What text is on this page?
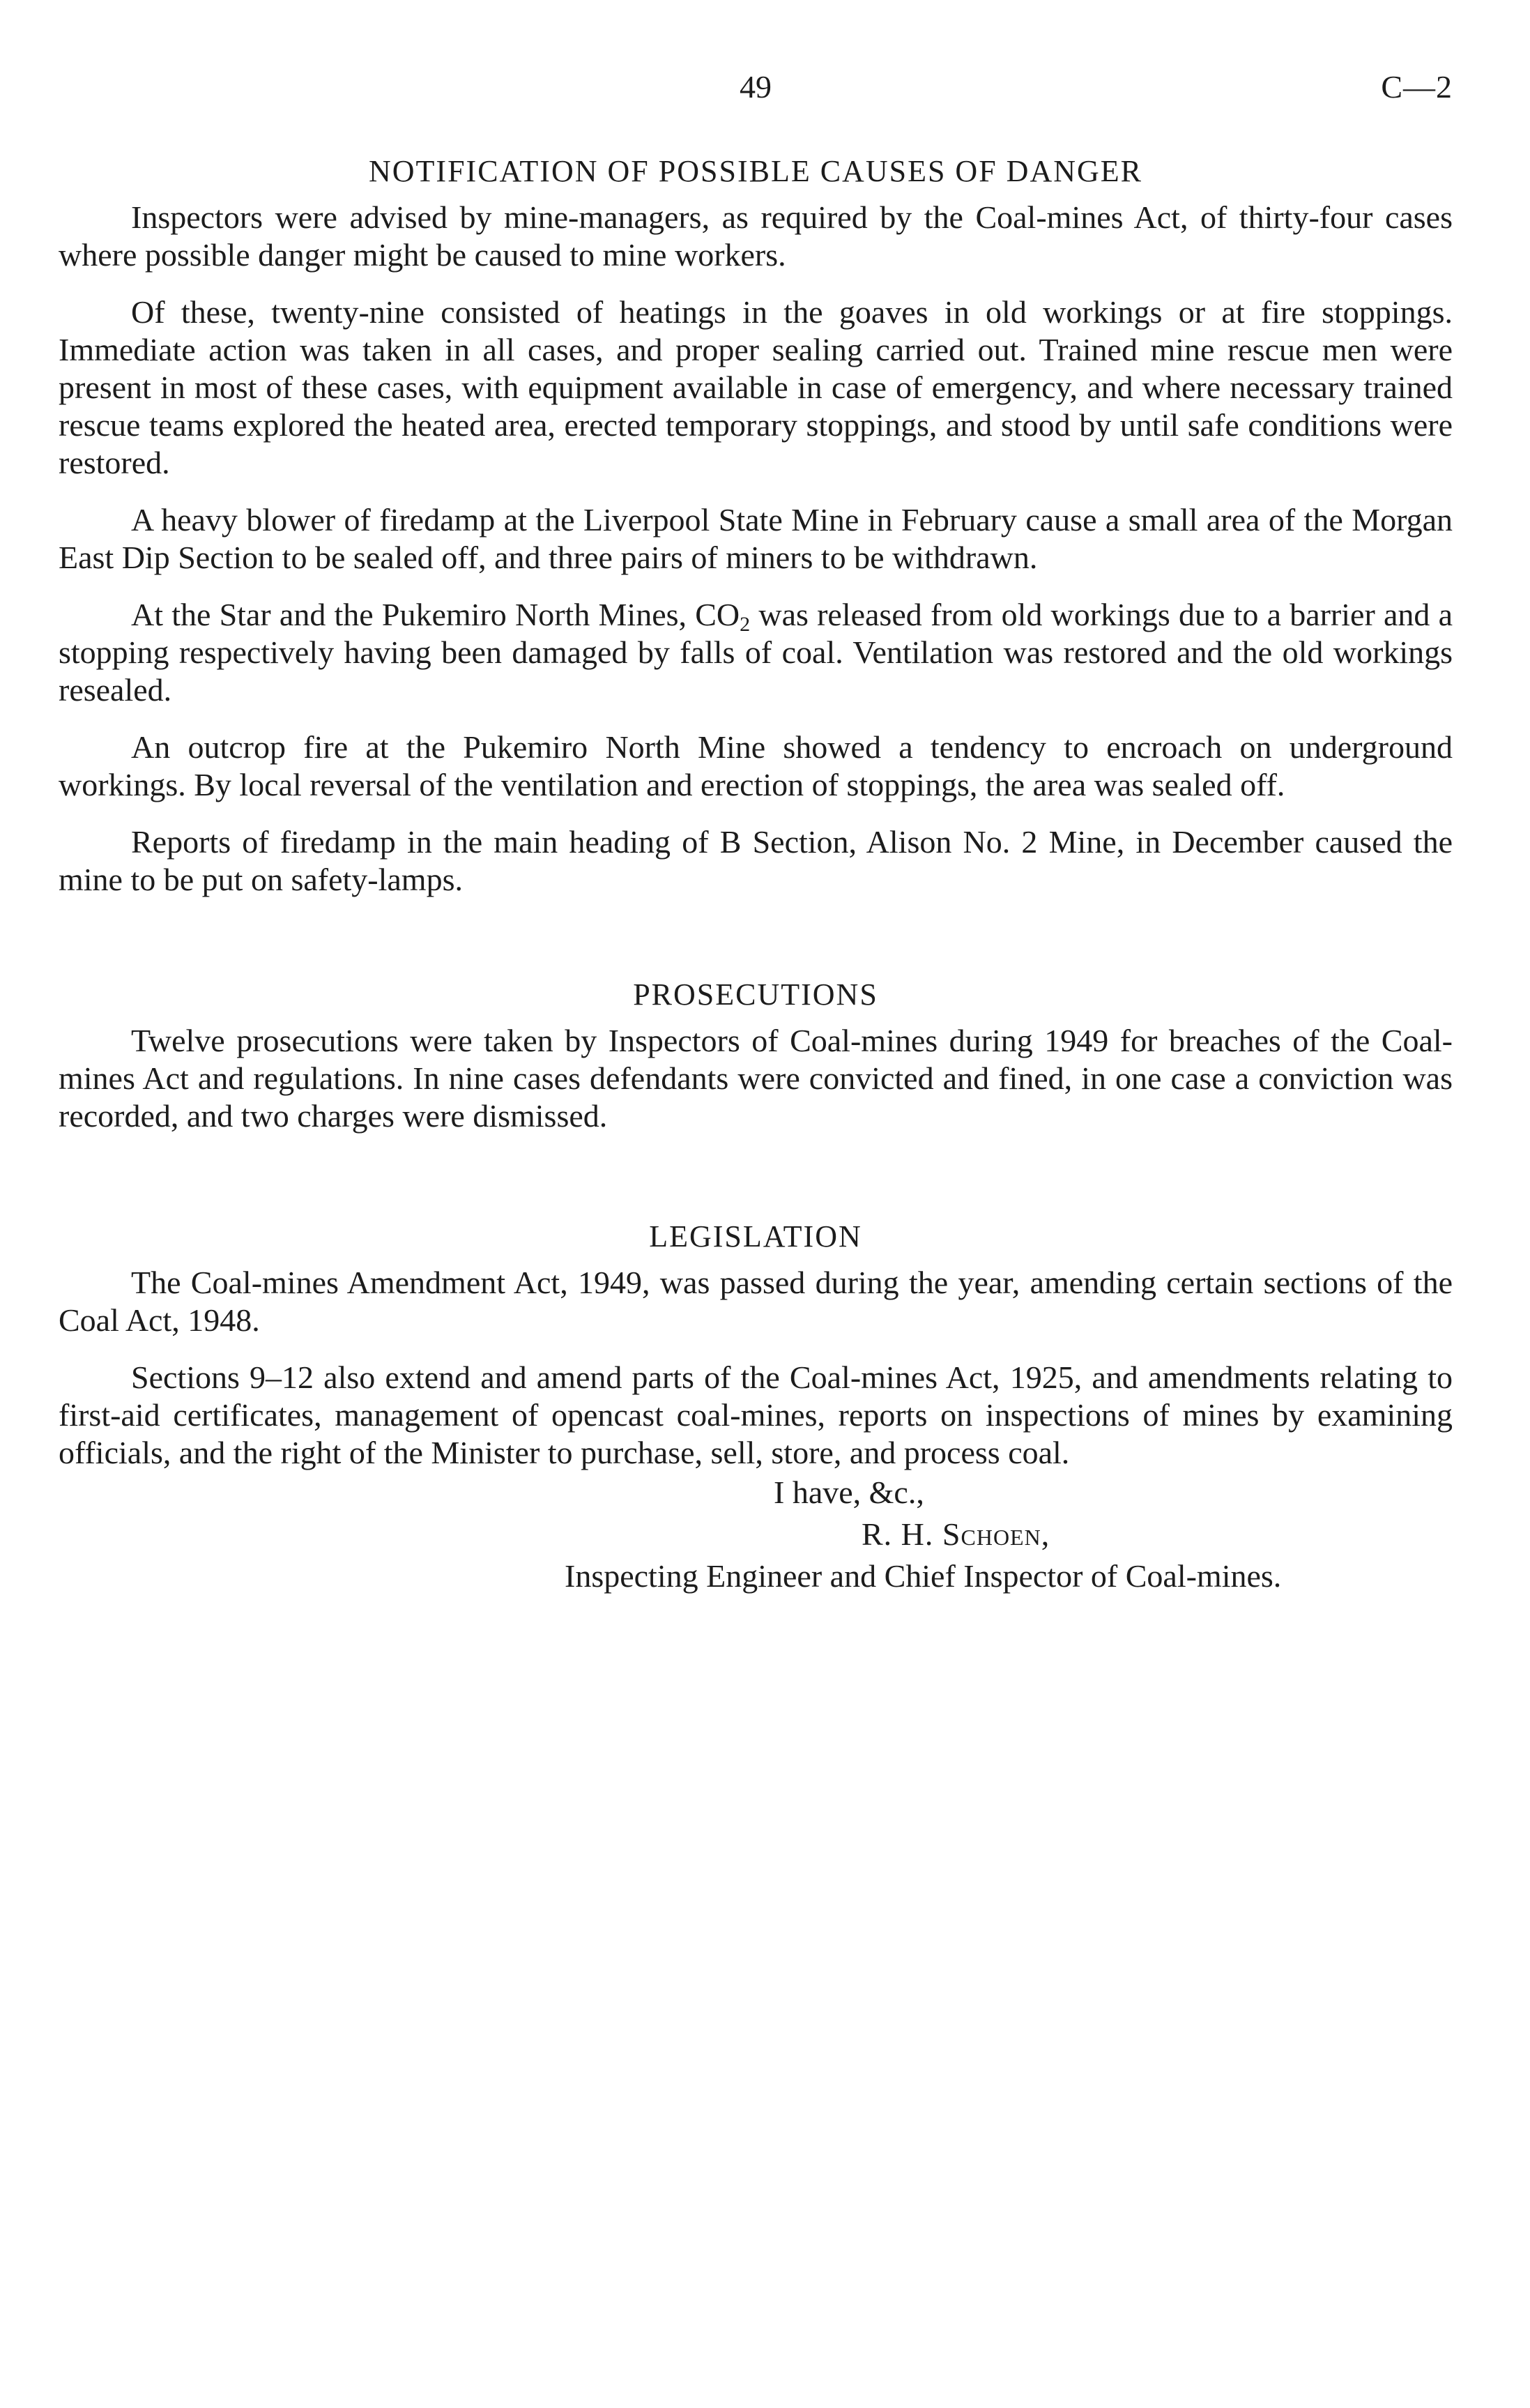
49	C—2
NOTIFICATION OF POSSIBLE CAUSES OF DANGER

Inspectors were advised by mine-managers, as required by the Coal-mines Act, of thirty-four cases where possible danger might be caused to mine workers.

Of these, twenty-nine consisted of heatings in the goaves in old workings or at fire stoppings. Immediate action was taken in all cases, and proper sealing carried out. Trained mine rescue men were present in most of these cases, with equipment available in case of emergency, and where necessary trained rescue teams explored the heated area, erected temporary stoppings, and stood by until safe conditions were restored.

A heavy blower of firedamp at the Liverpool State Mine in February cause a small area of the Morgan East Dip Section to be sealed off, and three pairs of miners to be withdrawn.

At the Star and the Pukemiro North Mines, $CO_2$ was released from old workings due to a barrier and a stopping respectively having been damaged by falls of coal. Ventilation was restored and the old workings resealed.

An outcrop fire at the Pukemiro North Mine showed a tendency to encroach on underground workings. By local reversal of the ventilation and erection of stoppings, the area was sealed off.

Reports of firedamp in the main heading of B Section, Alison No. 2 Mine, in December caused the mine to be put on safety-lamps.

PROSECUTIONS

Twelve prosecutions were taken by Inspectors of Coal-mines during 1949 for breaches of the Coal-mines Act and regulations. In nine cases defendants were convicted and fined, in one case a conviction was recorded, and two charges were dismissed.

LEGISLATION

The Coal-mines Amendment Act, 1949, was passed during the year, amending certain sections of the Coal Act, 1948.

Sections 9–12 also extend and amend parts of the Coal-mines Act, 1925, and amendments relating to first-aid certificates, management of opencast coal-mines, reports on inspections of mines by examining officials, and the right of the Minister to purchase, sell, store, and process coal.

I have, &c.,
R. H. Schoen,
Inspecting Engineer and Chief Inspector of Coal-mines.
